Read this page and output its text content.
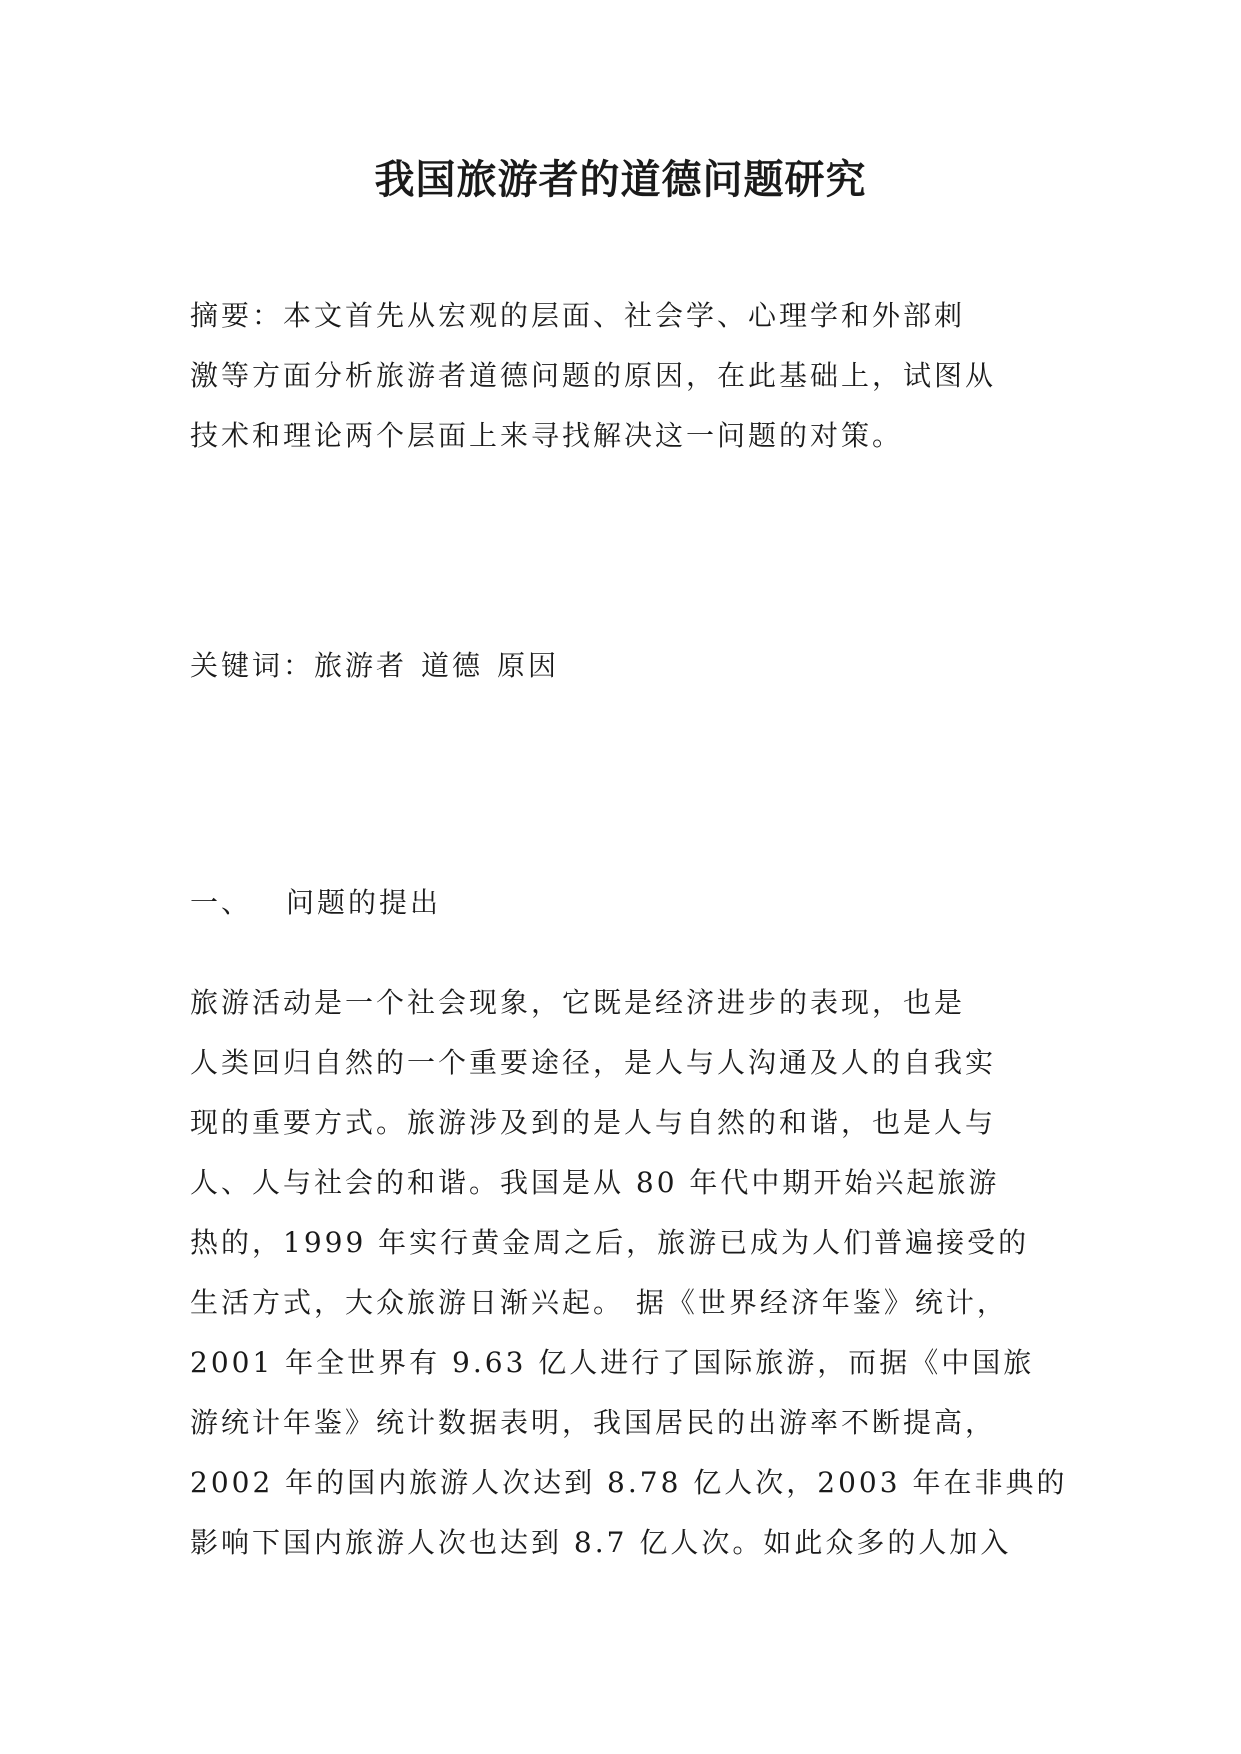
我国旅游者的道德问题研究
摘要：本文首先从宏观的层面、社会学、心理学和外部刺
激等方面分析旅游者道德问题的原因，在此基础上，试图从
技术和理论两个层面上来寻找解决这一问题的对策。
关键词：旅游者 道德 原因
一、 问题的提出
旅游活动是一个社会现象，它既是经济进步的表现，也是
人类回归自然的一个重要途径，是人与人沟通及人的自我实
现的重要方式。旅游涉及到的是人与自然的和谐，也是人与
人、人与社会的和谐。我国是从 80 年代中期开始兴起旅游
热的，1999 年实行黄金周之后，旅游已成为人们普遍接受的
生活方式，大众旅游日渐兴起。 据《世界经济年鉴》统计，
2001 年全世界有 9.63 亿人进行了国际旅游，而据《中国旅
游统计年鉴》统计数据表明，我国居民的出游率不断提高，
2002 年的国内旅游人次达到 8.78 亿人次，2003 年在非典的
影响下国内旅游人次也达到 8.7 亿人次。如此众多的人加入
